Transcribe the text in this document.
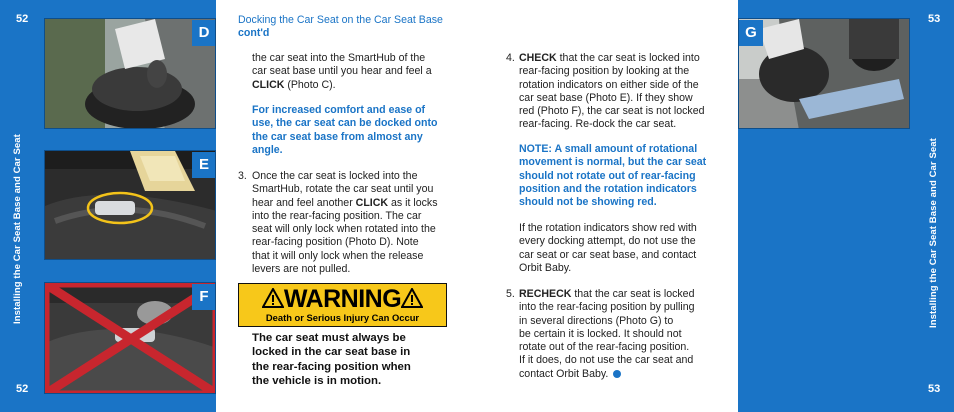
52
Installing the Car Seat Base and Car Seat
52
D
E
F
Docking the Car Seat on the Car Seat Base
cont'd
the car seat into the SmartHub of the
car seat base until you hear and feel a
CLICK (Photo C).
For increased comfort and ease of
use, the car seat can be docked onto
the car seat base from almost any
angle.
3. Once the car seat is locked into the
SmartHub, rotate the car seat until you
hear and feel another CLICK as it locks
into the rear-facing position. The car
seat will only lock when rotated into the
rear-facing position (Photo D). Note
that it will only lock when the release
levers are not pulled.
WARNING
Death or Serious Injury Can Occur
The car seat must always be
locked in the car seat base in
the rear-facing position when
the vehicle is in motion.
4. CHECK that the car seat is locked into
rear-facing position by looking at the
rotation indicators on either side of the
car seat base (Photo E). If they show
red (Photo F), the car seat is not locked
rear-facing. Re-dock the car seat.
NOTE: A small amount of rotational
movement is normal, but the car seat
should not rotate out of rear-facing
position and the rotation indicators
should not be showing red.
If the rotation indicators show red with
every docking attempt, do not use the
car seat or car seat base, and contact
Orbit Baby.
5. RECHECK that the car seat is locked
into the rear-facing position by pulling
in several directions (Photo G) to
be certain it is locked. It should not
rotate out of the rear-facing position.
If it does, do not use the car seat and
contact Orbit Baby.
53
Installing the Car Seat Base and Car Seat
53
G
